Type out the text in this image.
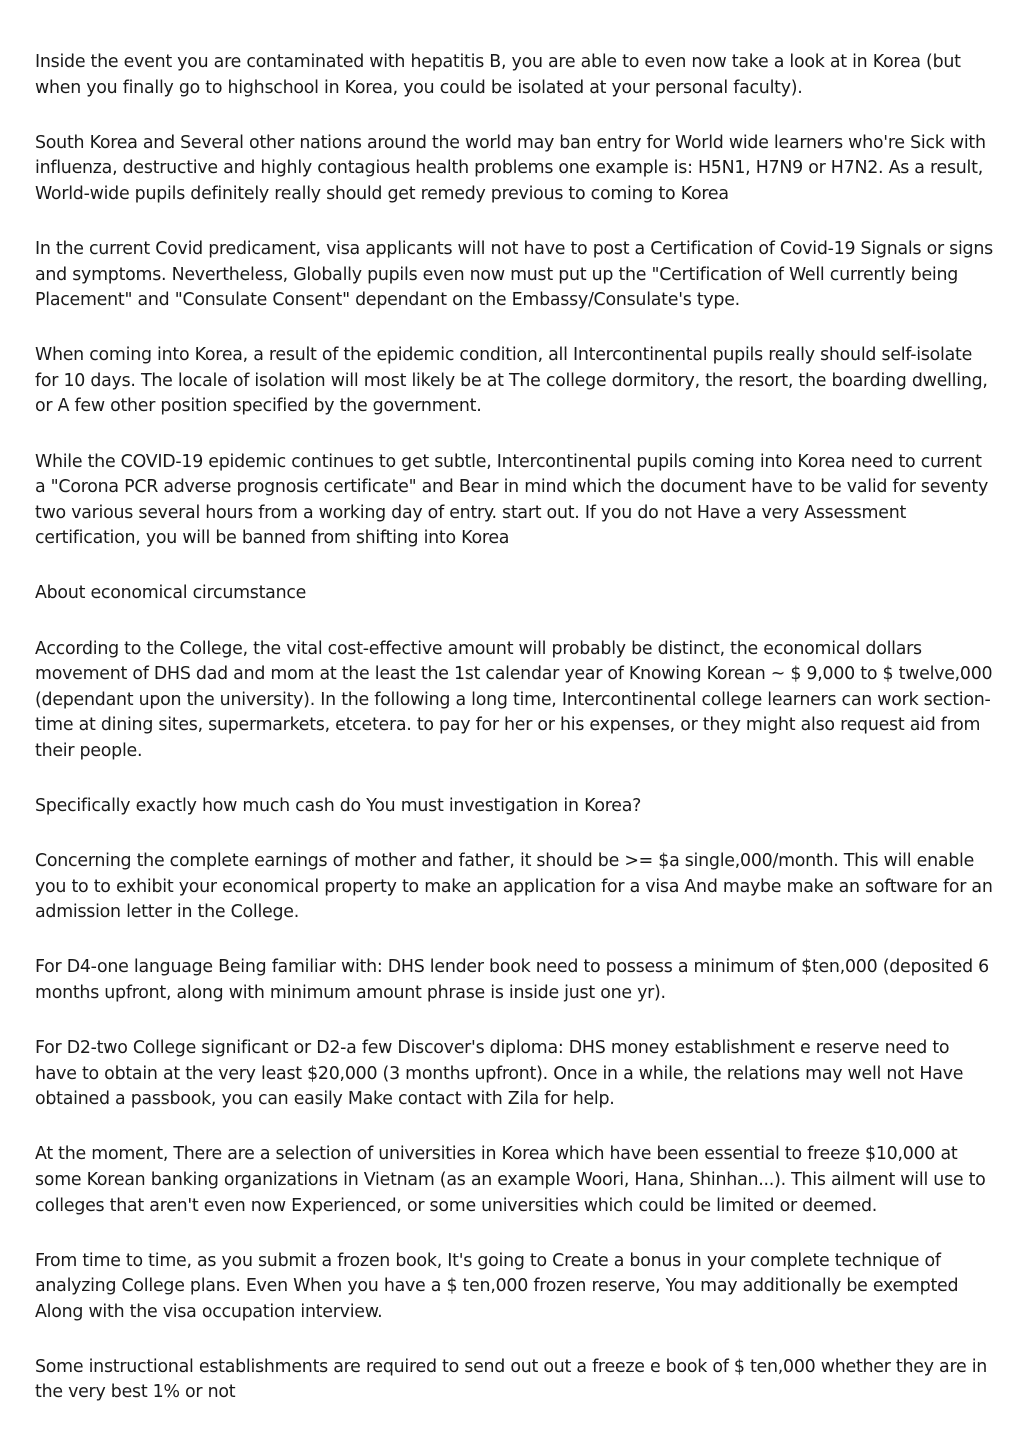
Inside the event you are contaminated with hepatitis B, you are able to even now take a look at in Korea (but when you finally go to highschool in Korea, you could be isolated at your personal faculty).

South Korea and Several other nations around the world may ban entry for World wide learners who're Sick with influenza, destructive and highly contagious health problems one example is: H5N1, H7N9 or H7N2. As a result, World-wide pupils definitely really should get remedy previous to coming to Korea

In the current Covid predicament, visa applicants will not have to post a Certification of Covid-19 Signals or signs and symptoms. Nevertheless, Globally pupils even now must put up the "Certification of Well currently being Placement" and "Consulate Consent" dependant on the Embassy/Consulate's type.

When coming into Korea, a result of the epidemic condition, all Intercontinental pupils really should self-isolate for 10 days. The locale of isolation will most likely be at The college dormitory, the resort, the boarding dwelling, or A few other position specified by the government.

While the COVID-19 epidemic continues to get subtle, Intercontinental pupils coming into Korea need to current a "Corona PCR adverse prognosis certificate" and Bear in mind which the document have to be valid for seventy two various several hours from a working day of entry. start out. If you do not Have a very Assessment certification, you will be banned from shifting into Korea

About economical circumstance

According to the College, the vital cost-effective amount will probably be distinct, the economical dollars movement of DHS dad and mom at the least the 1st calendar year of Knowing Korean ~ $ 9,000 to $ twelve,000 (dependant upon the university). In the following a long time, Intercontinental college learners can work section-time at dining sites, supermarkets, etcetera. to pay for her or his expenses, or they might also request aid from their people.

Specifically exactly how much cash do You must investigation in Korea?

Concerning the complete earnings of mother and father, it should be >= $a single,000/month. This will enable you to to exhibit your economical property to make an application for a visa And maybe make an software for an admission letter in the College.

For D4-one language Being familiar with: DHS lender book need to possess a minimum of $ten,000 (deposited 6 months upfront, along with minimum amount phrase is inside just one yr).

For D2-two College significant or D2-a few Discover's diploma: DHS money establishment e reserve need to have to obtain at the very least $20,000 (3 months upfront). Once in a while, the relations may well not Have obtained a passbook, you can easily Make contact with Zila for help.

At the moment, There are a selection of universities in Korea which have been essential to freeze $10,000 at some Korean banking organizations in Vietnam (as an example Woori, Hana, Shinhan...). This ailment will use to colleges that aren't even now Experienced, or some universities which could be limited or deemed.

From time to time, as you submit a frozen book, It's going to Create a bonus in your complete technique of analyzing College plans. Even When you have a $ ten,000 frozen reserve, You may additionally be exempted Along with the visa occupation interview.

Some instructional establishments are required to send out out a freeze e book of $ ten,000 whether they are in the very best 1% or not
